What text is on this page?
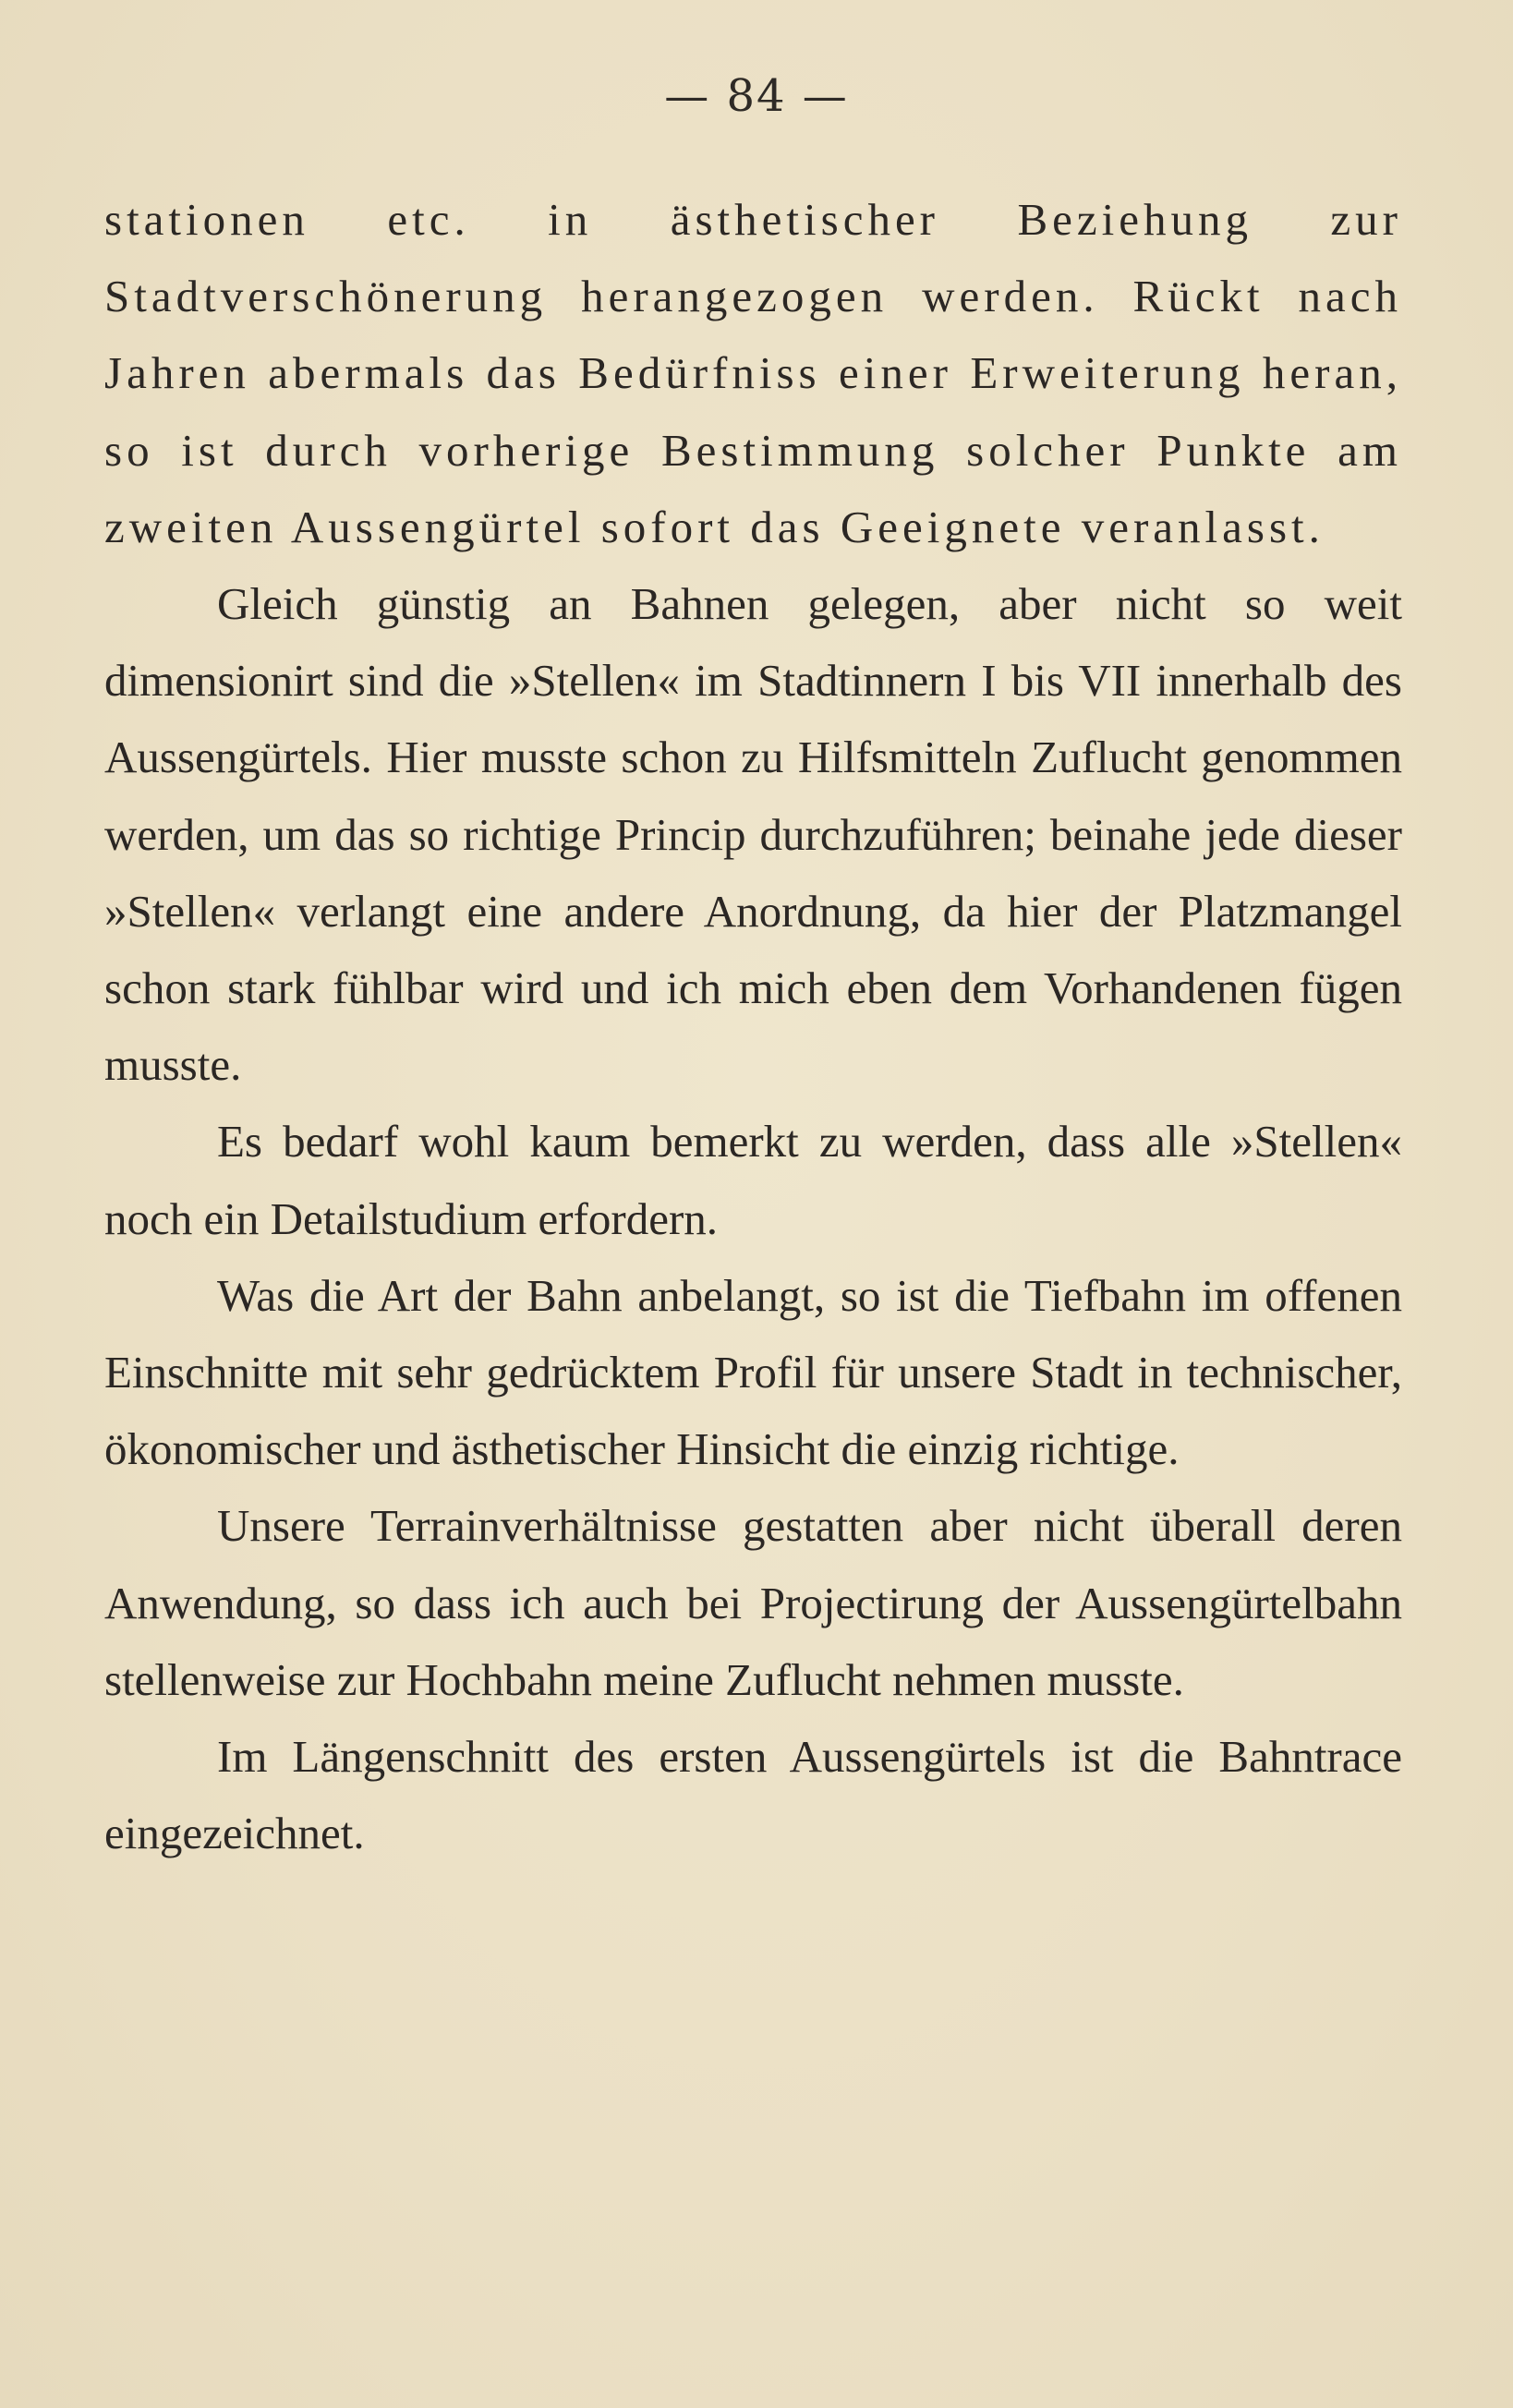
— 84 —

stationen etc. in ästhetischer Beziehung zur Stadtverschönerung herangezogen werden. Rückt nach Jahren abermals das Bedürfniss einer Erweiterung heran, so ist durch vorherige Bestimmung solcher Punkte am zweiten Aussengürtel sofort das Geeignete veranlasst.

Gleich günstig an Bahnen gelegen, aber nicht so weit dimensionirt sind die »Stellen« im Stadtinnern I bis VII innerhalb des Aussengürtels. Hier musste schon zu Hilfsmitteln Zuflucht genommen werden, um das so richtige Princip durchzuführen; beinahe jede dieser »Stellen« verlangt eine andere Anordnung, da hier der Platzmangel schon stark fühlbar wird und ich mich eben dem Vorhandenen fügen musste.

Es bedarf wohl kaum bemerkt zu werden, dass alle »Stellen« noch ein Detailstudium erfordern.

Was die Art der Bahn anbelangt, so ist die Tiefbahn im offenen Einschnitte mit sehr gedrücktem Profil für unsere Stadt in technischer, ökonomischer und ästhetischer Hinsicht die einzig richtige.

Unsere Terrainverhältnisse gestatten aber nicht überall deren Anwendung, so dass ich auch bei Projectirung der Aussengürtelbahn stellenweise zur Hochbahn meine Zuflucht nehmen musste.

Im Längenschnitt des ersten Aussengürtels ist die Bahntrace eingezeichnet.
